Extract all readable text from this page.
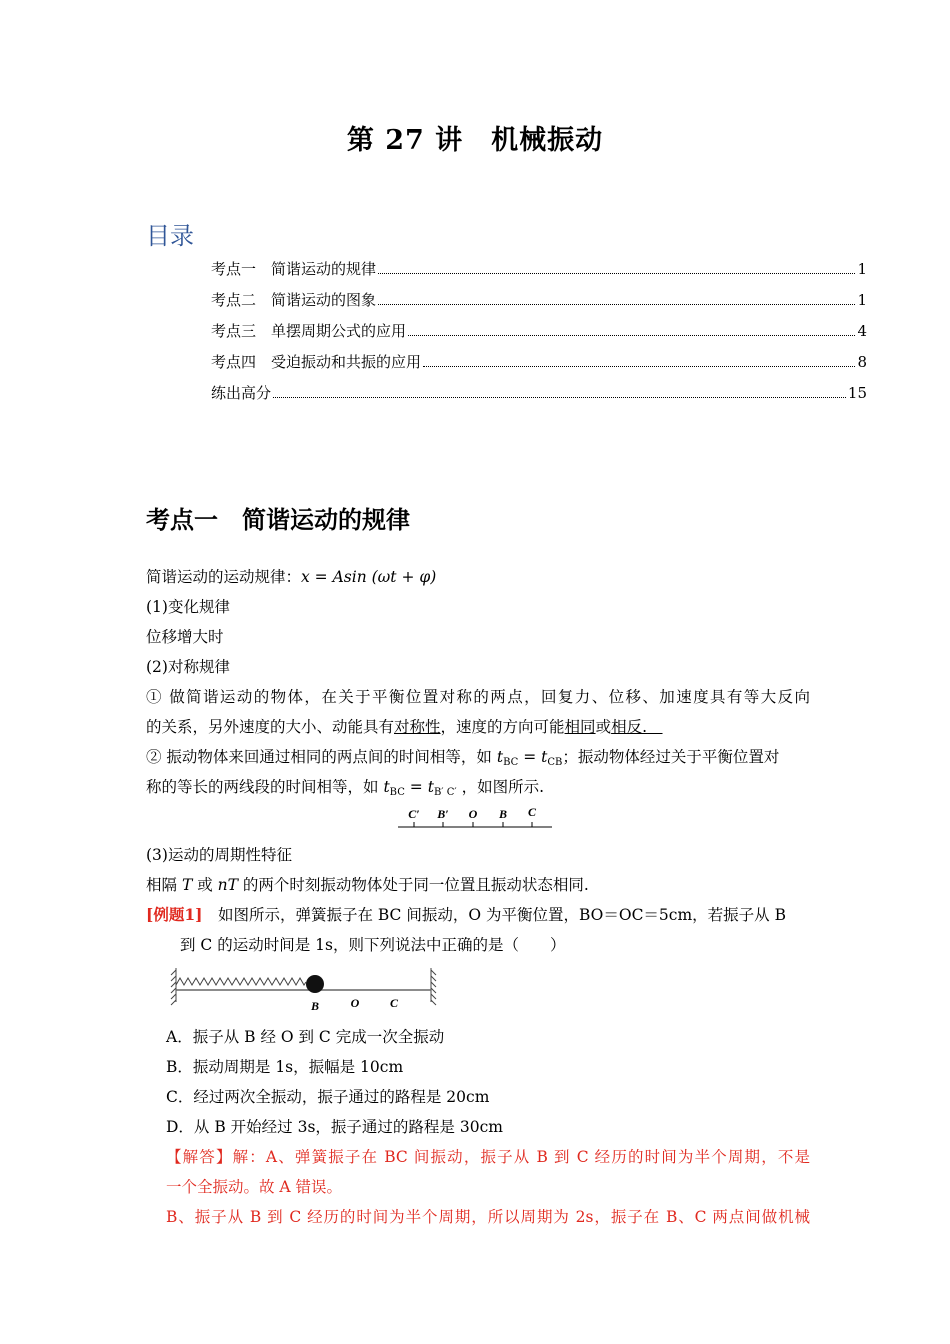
第 27 讲　机械振动
目录
考点一　简谐运动的规律	1
考点二　简谐运动的图象	1
考点三　单摆周期公式的应用	4
考点四　受迫振动和共振的应用	8
练出高分	15
考点一　简谐运动的规律
简谐运动的运动规律：x = Asin (ωt + φ)
(1)变化规律
位移增大时
(2)对称规律
① 做简谐运动的物体，在关于平衡位置对称的两点，回复力、位移、加速度具有等大反向
的关系，另外速度的大小、动能具有对称性，速度的方向可能相同或相反. 
② 振动物体来回通过相同的两点间的时间相等，如 $t_{BC} = t_{CB}$；振动物体经过关于平衡位置对
称的等长的两线段的时间相等，如 $t_{BC} = t_{B' C'}$ ，如图所示.
C′ B′ O B C
(3)运动的周期性特征
相隔 T 或 nT 的两个时刻振动物体处于同一位置且振动状态相同.
[例题1]　如图所示，弹簧振子在 BC 间振动，O 为平衡位置，BO＝OC＝5cm，若振子从 B
到 C 的运动时间是 1s，则下列说法中正确的是（　　）
B	O	C
A．振子从 B 经 O 到 C 完成一次全振动
B．振动周期是 1s，振幅是 10cm
C．经过两次全振动，振子通过的路程是 20cm
D．从 B 开始经过 3s，振子通过的路程是 30cm
【解答】解：A、弹簧振子在 BC 间振动，振子从 B 到 C 经历的时间为半个周期，不是
一个全振动。故 A 错误。
B、振子从 B 到 C 经历的时间为半个周期，所以周期为 2s，振子在 B、C 两点间做机械
